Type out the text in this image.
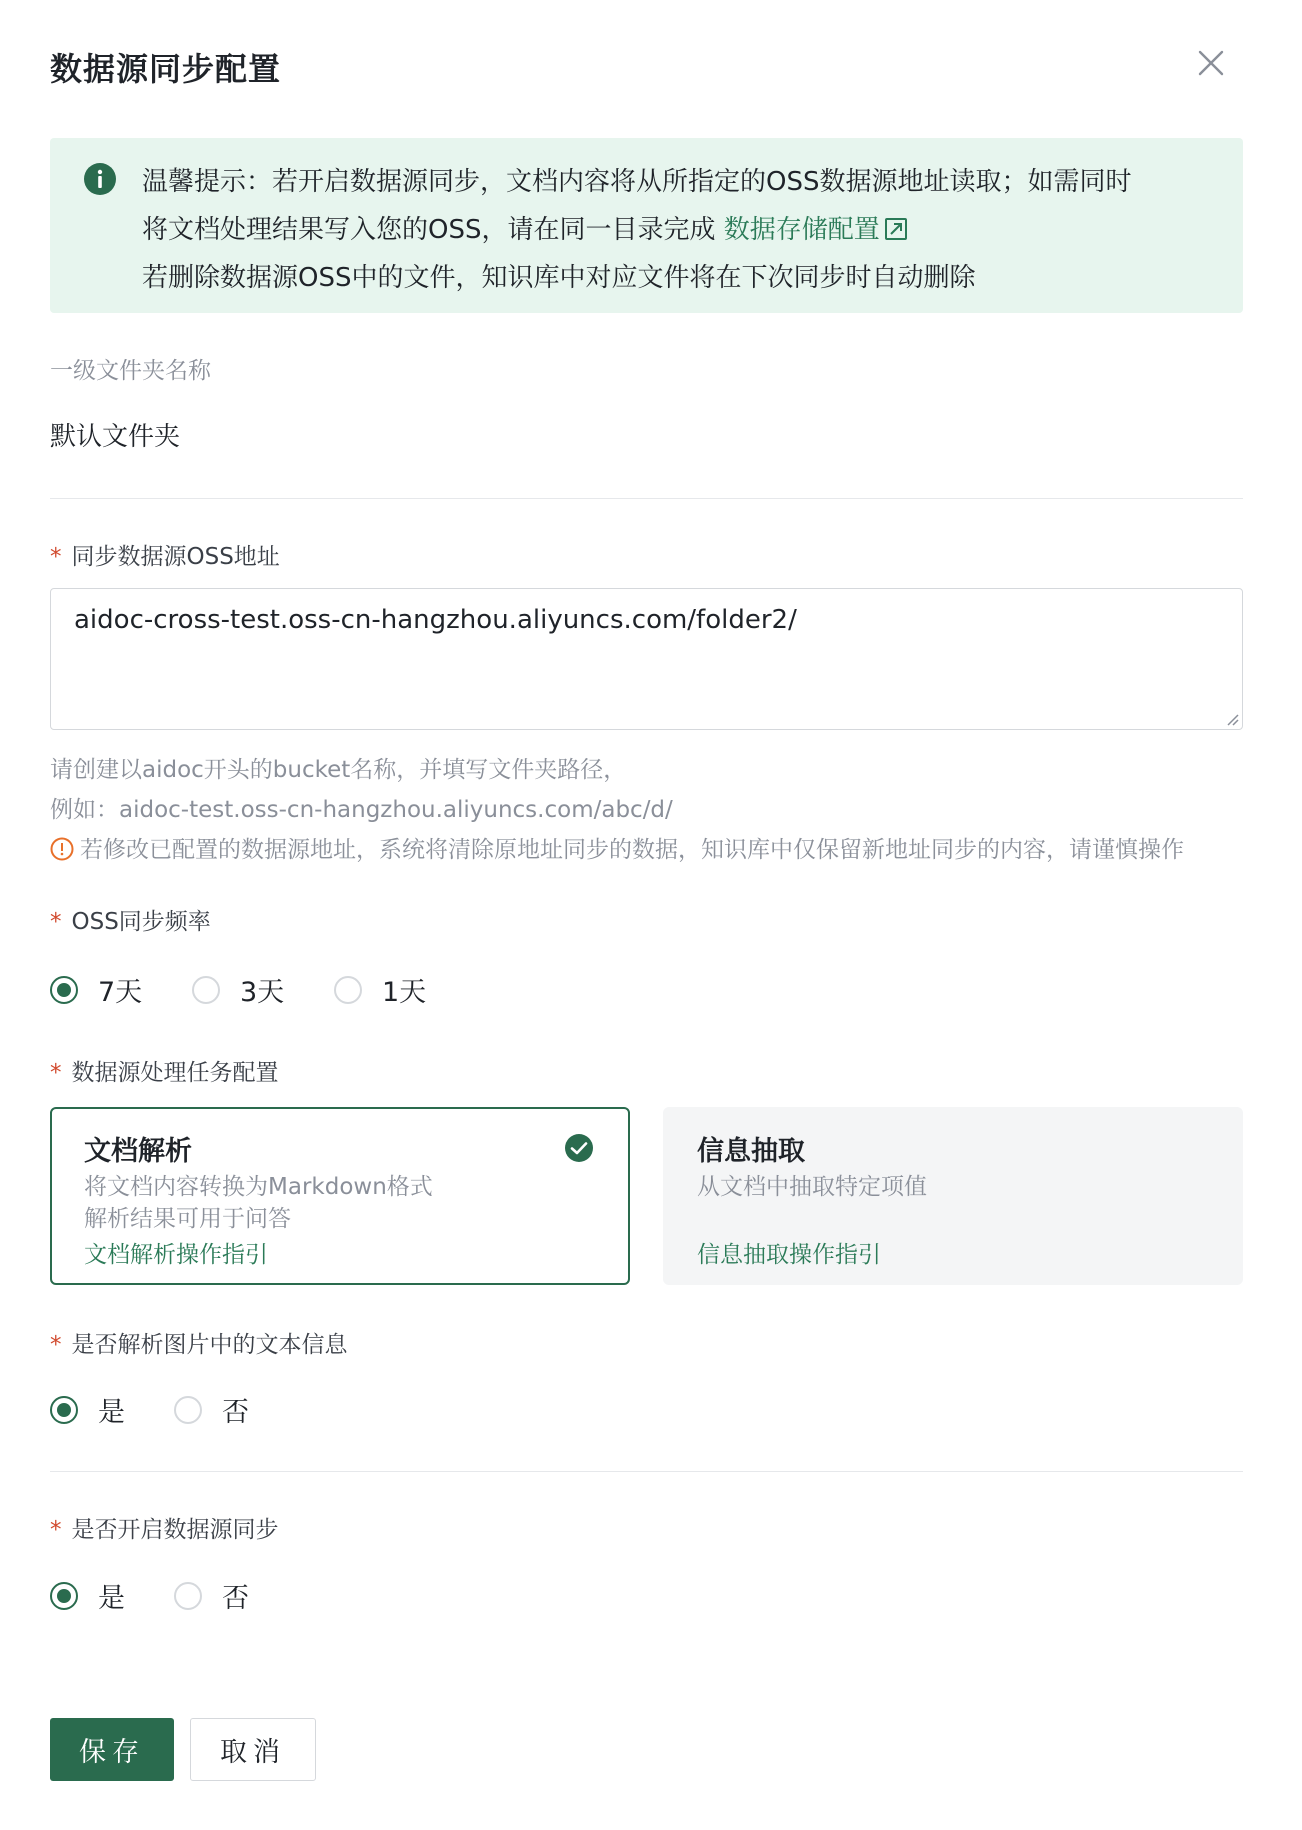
数据源同步配置
温馨提示：若开启数据源同步，文档内容将从所指定的OSS数据源地址读取；如需同时
将文档处理结果写入您的OSS，请在同一目录完成 数据存储配置
若删除数据源OSS中的文件，知识库中对应文件将在下次同步时自动删除
一级文件夹名称
默认文件夹
* 同步数据源OSS地址
aidoc-cross-test.oss-cn-hangzhou.aliyuncs.com/folder2/
请创建以aidoc开头的bucket名称，并填写文件夹路径，
例如：aidoc-test.oss-cn-hangzhou.aliyuncs.com/abc/d/
若修改已配置的数据源地址，系统将清除原地址同步的数据，知识库中仅保留新地址同步的内容，请谨慎操作
* OSS同步频率
7天	3天	1天
* 数据源处理任务配置
文档解析
将文档内容转换为Markdown格式
解析结果可用于问答
文档解析操作指引
信息抽取
从文档中抽取特定项值
信息抽取操作指引
* 是否解析图片中的文本信息
是	否
* 是否开启数据源同步
是	否
保存	取消
